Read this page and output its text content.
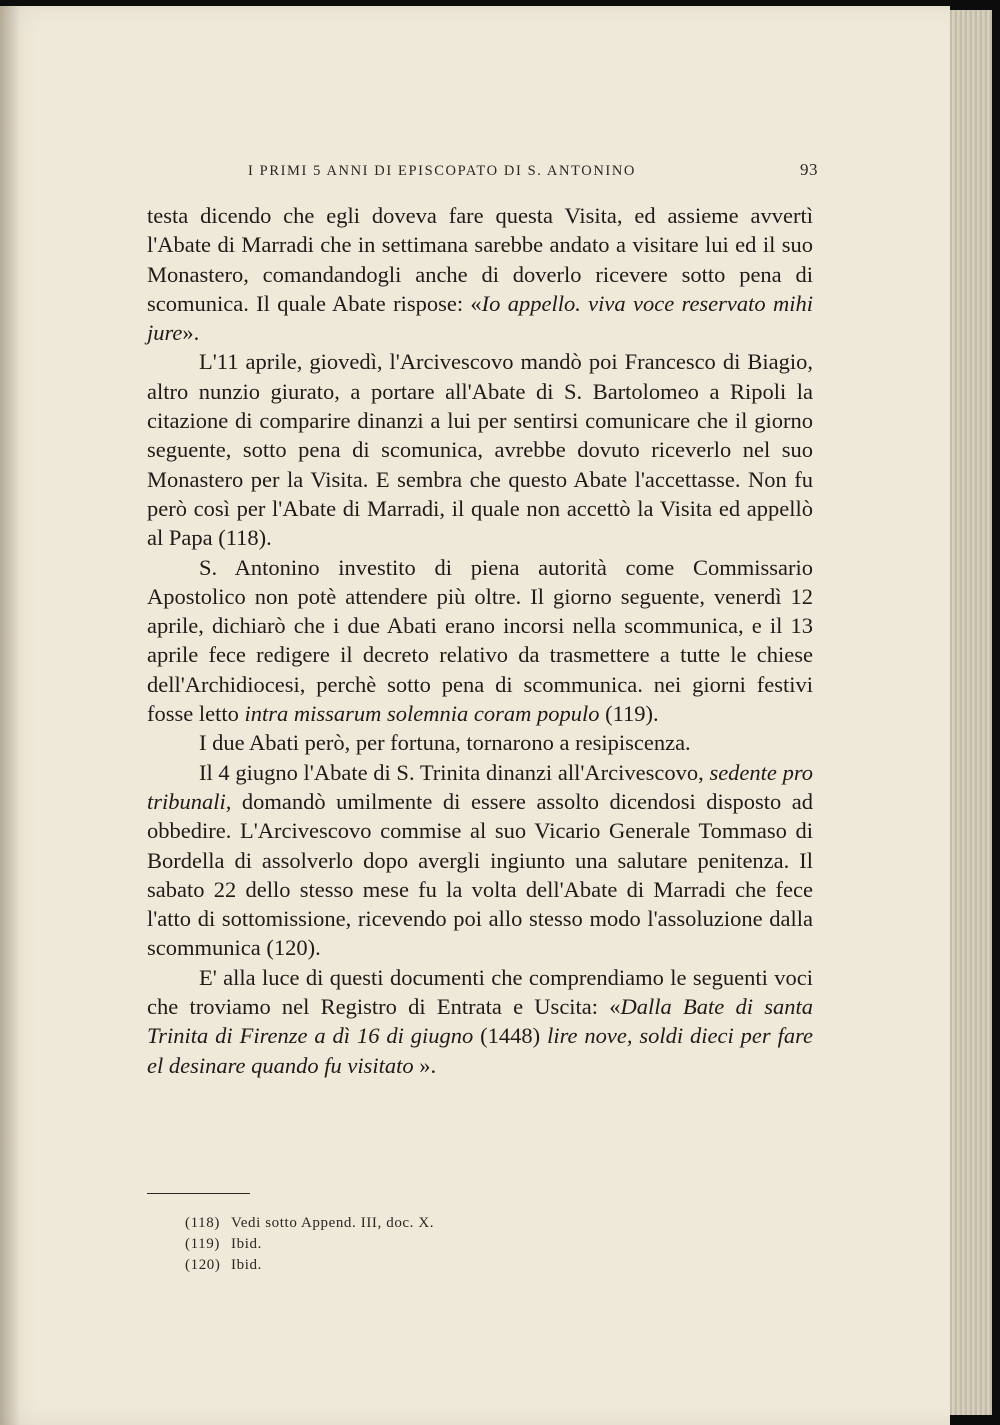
I PRIMI 5 ANNI DI EPISCOPATO DI S. ANTONINO	93

testa dicendo che egli doveva fare questa Visita, ed assieme avvertì l'Abate di Marradi che in settimana sarebbe andato a visitare lui ed il suo Monastero, comandandogli anche di doverlo ricevere sotto pena di scomunica. Il quale Abate rispose: «Io appello. viva voce reservato mihi jure».

L'11 aprile, giovedì, l'Arcivescovo mandò poi Francesco di Biagio, altro nunzio giurato, a portare all'Abate di S. Bartolomeo a Ripoli la citazione di comparire dinanzi a lui per sentirsi comunicare che il giorno seguente, sotto pena di scomunica, avrebbe dovuto riceverlo nel suo Monastero per la Visita. E sembra che questo Abate l'accettasse. Non fu però così per l'Abate di Marradi, il quale non accettò la Visita ed appellò al Papa (118).

S. Antonino investito di piena autorità come Commissario Apostolico non potè attendere più oltre. Il giorno seguente, venerdì 12 aprile, dichiarò che i due Abati erano incorsi nella scommunica, e il 13 aprile fece redigere il decreto relativo da trasmettere a tutte le chiese dell'Archidiocesi, perchè sotto pena di scommunica. nei giorni festivi fosse letto intra missarum solemnia coram populo (119).

I due Abati però, per fortuna, tornarono a resipiscenza.

Il 4 giugno l'Abate di S. Trinita dinanzi all'Arcivescovo, sedente pro tribunali, domandò umilmente di essere assolto dicendosi disposto ad obbedire. L'Arcivescovo commise al suo Vicario Generale Tommaso di Bordella di assolverlo dopo avergli ingiunto una salutare penitenza. Il sabato 22 dello stesso mese fu la volta dell'Abate di Marradi che fece l'atto di sottomissione, ricevendo poi allo stesso modo l'assoluzione dalla scommunica (120).

E' alla luce di questi documenti che comprendiamo le seguenti voci che troviamo nel Registro di Entrata e Uscita: «Dalla Bate di santa Trinita di Firenze a dì 16 di giugno (1448) lire nove, soldi dieci per fare el desinare quando fu visitato ».

(118) Vedi sotto Append. III, doc. X.
(119) Ibid.
(120) Ibid.
